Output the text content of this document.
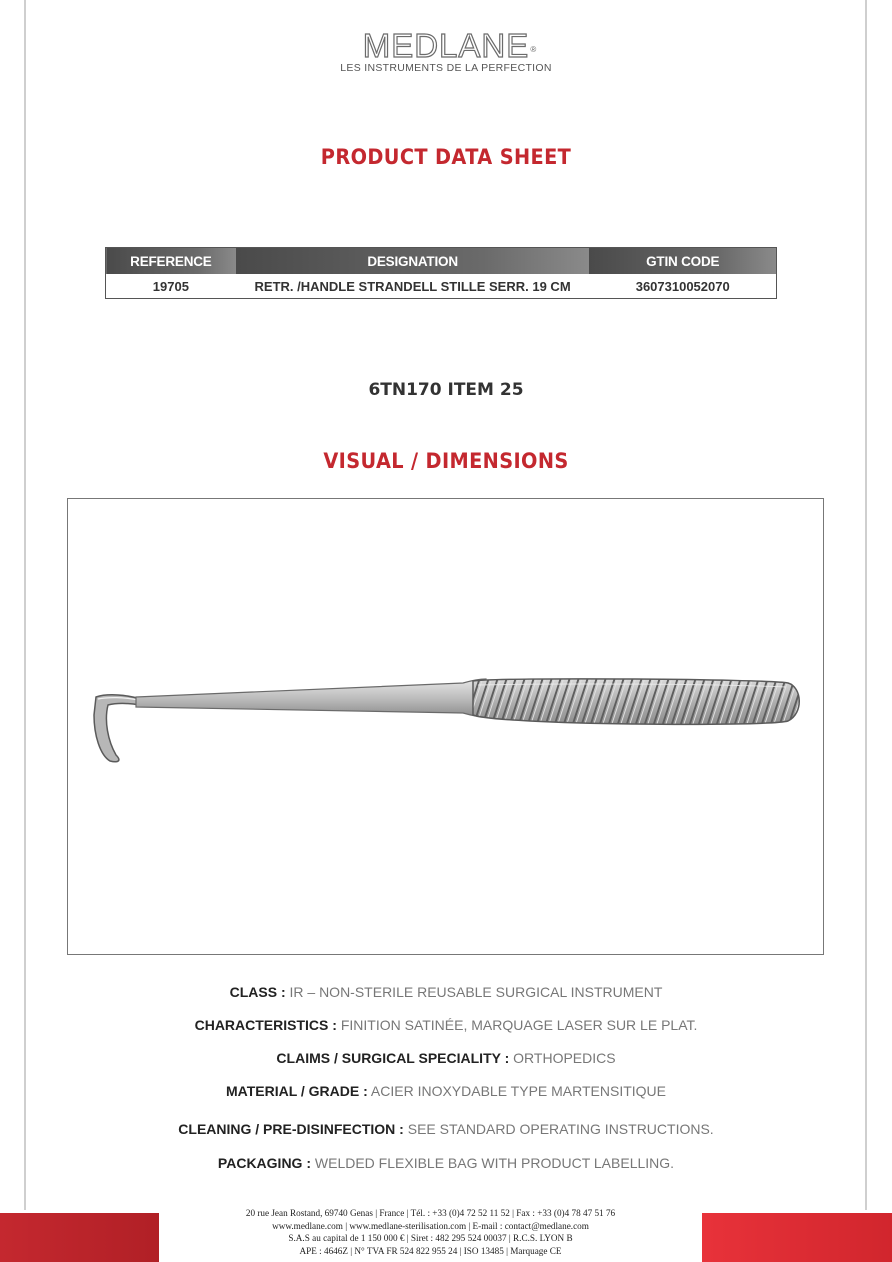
MEDLANE ®
LES INSTRUMENTS DE LA PERFECTION
PRODUCT DATA SHEET
REFERENCE	DESIGNATION	GTIN CODE
19705	RETR. /HANDLE STRANDELL STILLE SERR. 19 CM	3607310052070
6TN170 ITEM 25
VISUAL / DIMENSIONS
CLASS : IR – NON-STERILE REUSABLE SURGICAL INSTRUMENT
CHARACTERISTICS : FINITION SATINÉE, MARQUAGE LASER SUR LE PLAT.
CLAIMS / SURGICAL SPECIALITY : ORTHOPEDICS
MATERIAL / GRADE : ACIER INOXYDABLE TYPE MARTENSITIQUE
CLEANING / PRE-DISINFECTION : SEE STANDARD OPERATING INSTRUCTIONS.
PACKAGING : WELDED FLEXIBLE BAG WITH PRODUCT LABELLING.
20 rue Jean Rostand, 69740 Genas | France | Tél. : +33 (0)4 72 52 11 52 | Fax : +33 (0)4 78 47 51 76
www.medlane.com | www.medlane-sterilisation.com | E-mail : contact@medlane.com
S.A.S au capital de 1 150 000 € | Siret : 482 295 524 00037 | R.C.S. LYON B
APE : 4646Z | N° TVA FR 524 822 955 24 | ISO 13485 | Marquage CE
